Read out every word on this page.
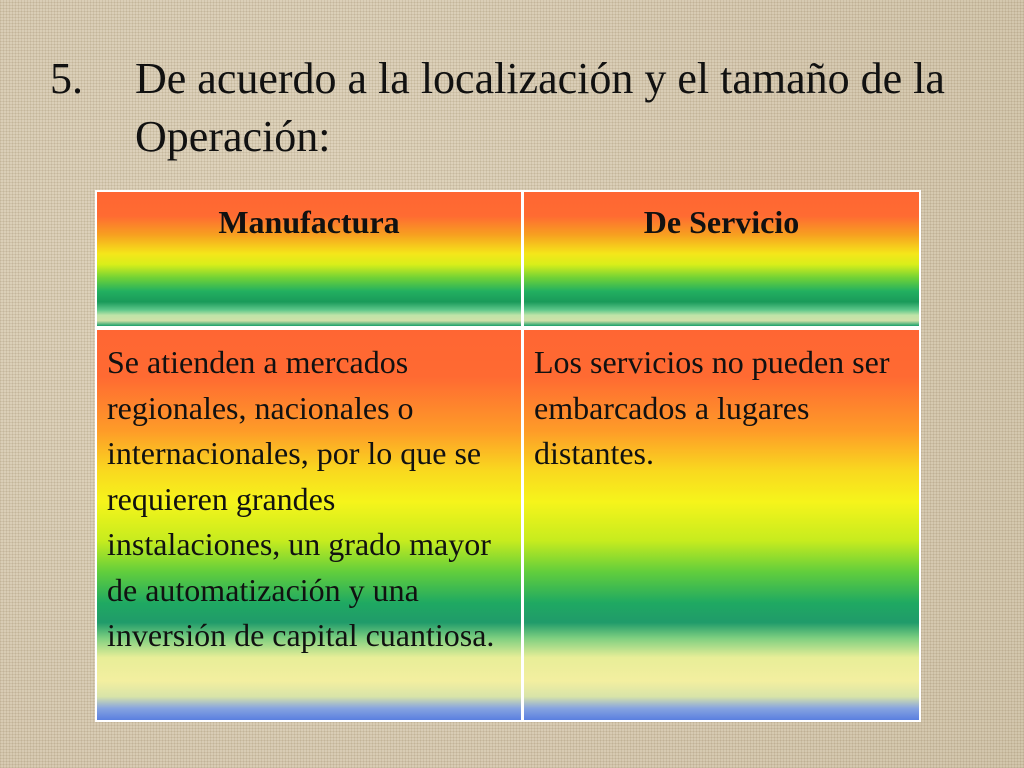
5.	De acuerdo a la localización y el tamaño de la Operación:
Manufactura	De Servicio
Se atienden a mercados regionales, nacionales o internacionales, por lo que se requieren grandes instalaciones, un grado mayor de automatización y una inversión de capital cuantiosa.
Los servicios no pueden ser embarcados a lugares distantes.
